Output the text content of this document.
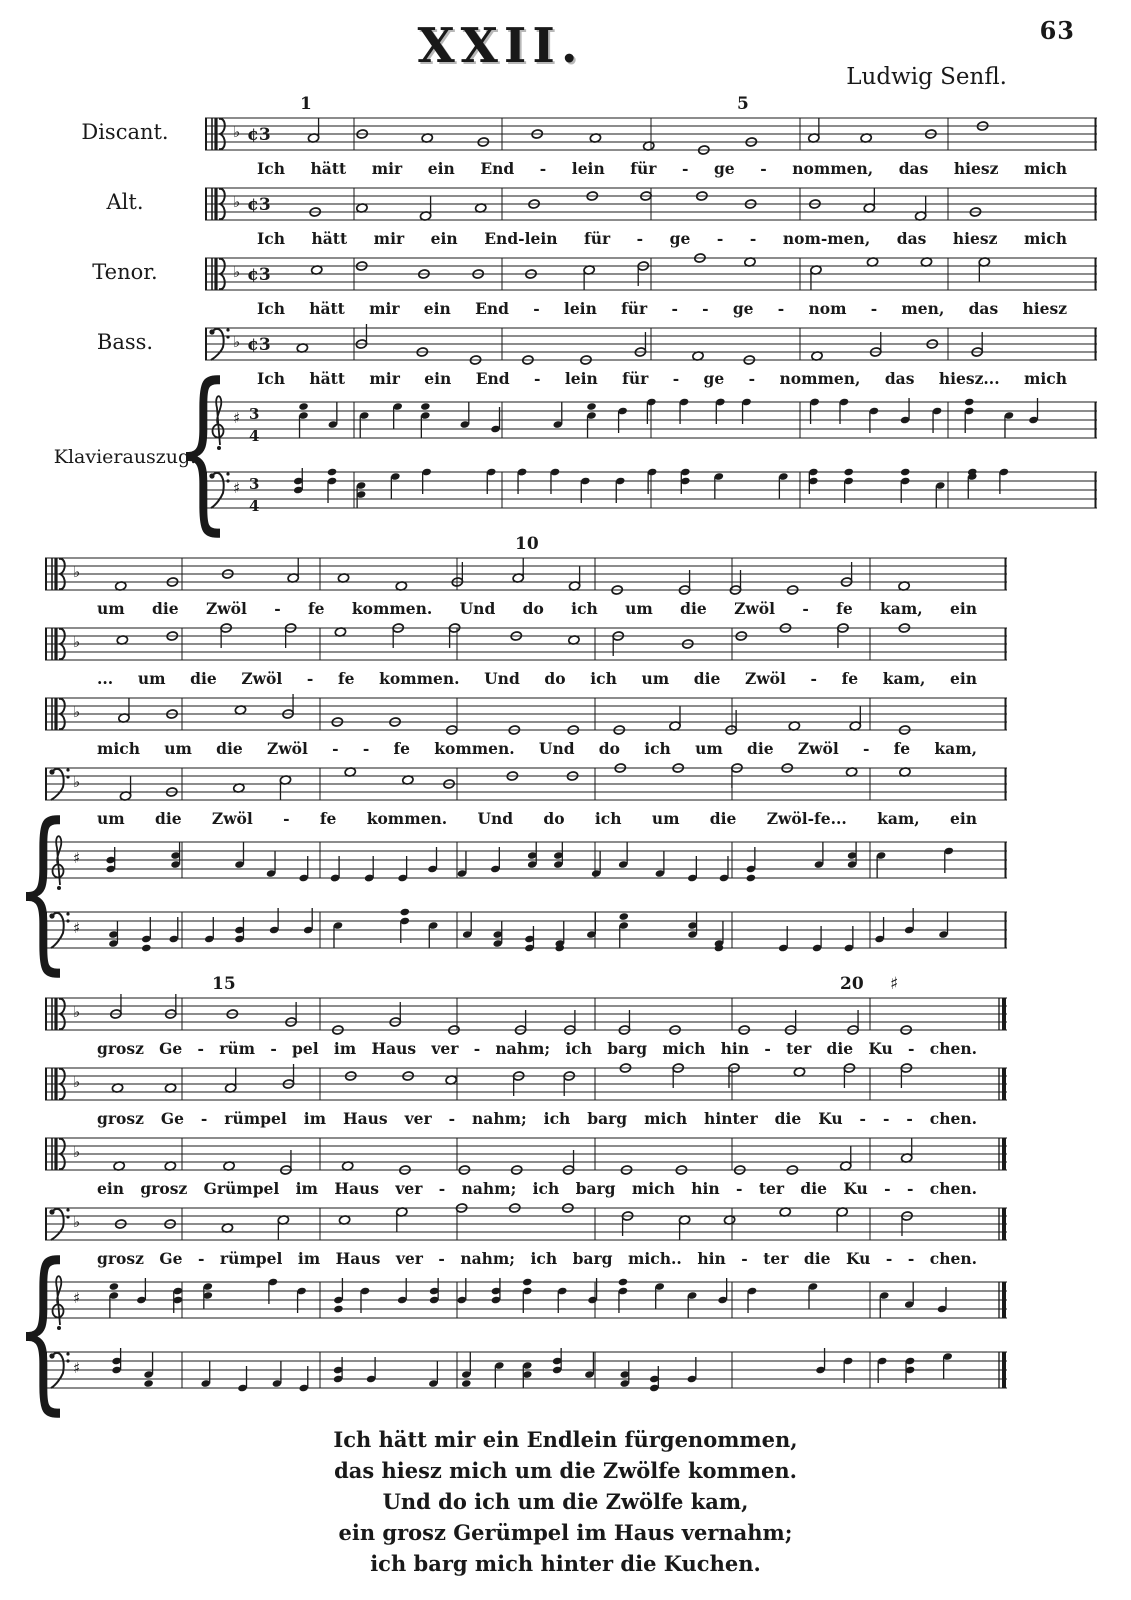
63
XXII.
Ludwig Senfl.
1	5
Discant.	♭ ¢3
Ich hätt mir ein End - lein für - ge - nommen, das hiesz mich
Alt.	♭ ¢3
Ich hätt mir ein End-lein für - ge - - nom-men, das hiesz mich
Tenor.	♭ ¢3
Ich hätt mir ein End - lein für - - ge - nom - men, das hiesz
Bass.	♭ ¢3
Ich hätt mir ein End - lein für - ge - nommen, das hiesz... mich
Klavierauszug.
{
♯ 3
4
♯ 3
4
10
♭
um die Zwöl - fe kommen. Und do ich um die Zwöl - fe kam, ein
♭
... um die Zwöl - fe kommen. Und do ich um die Zwöl - fe kam, ein
♭
mich um die Zwöl - - fe kommen. Und do ich um die Zwöl - fe kam,
♭
um die Zwöl - fe kommen. Und do ich um die Zwöl-fe... kam, ein
{
♯
♯
15	20 ♯
♭
grosz Ge - rüm - pel im Haus ver - nahm; ich barg mich hin - ter die Ku - chen.
♭
grosz Ge - rümpel im Haus ver - nahm; ich barg mich hinter die Ku - - - chen.
♭
ein grosz Grümpel im Haus ver - nahm; ich barg mich hin - ter die Ku - - chen.
♭
grosz Ge - rümpel im Haus ver - nahm; ich barg mich.. hin - ter die Ku - - chen.
{
♯
♯
Ich hätt mir ein Endlein fürgenommen,
das hiesz mich um die Zwölfe kommen.
Und do ich um die Zwölfe kam,
ein grosz Gerümpel im Haus vernahm;
ich barg mich hinter die Kuchen.
